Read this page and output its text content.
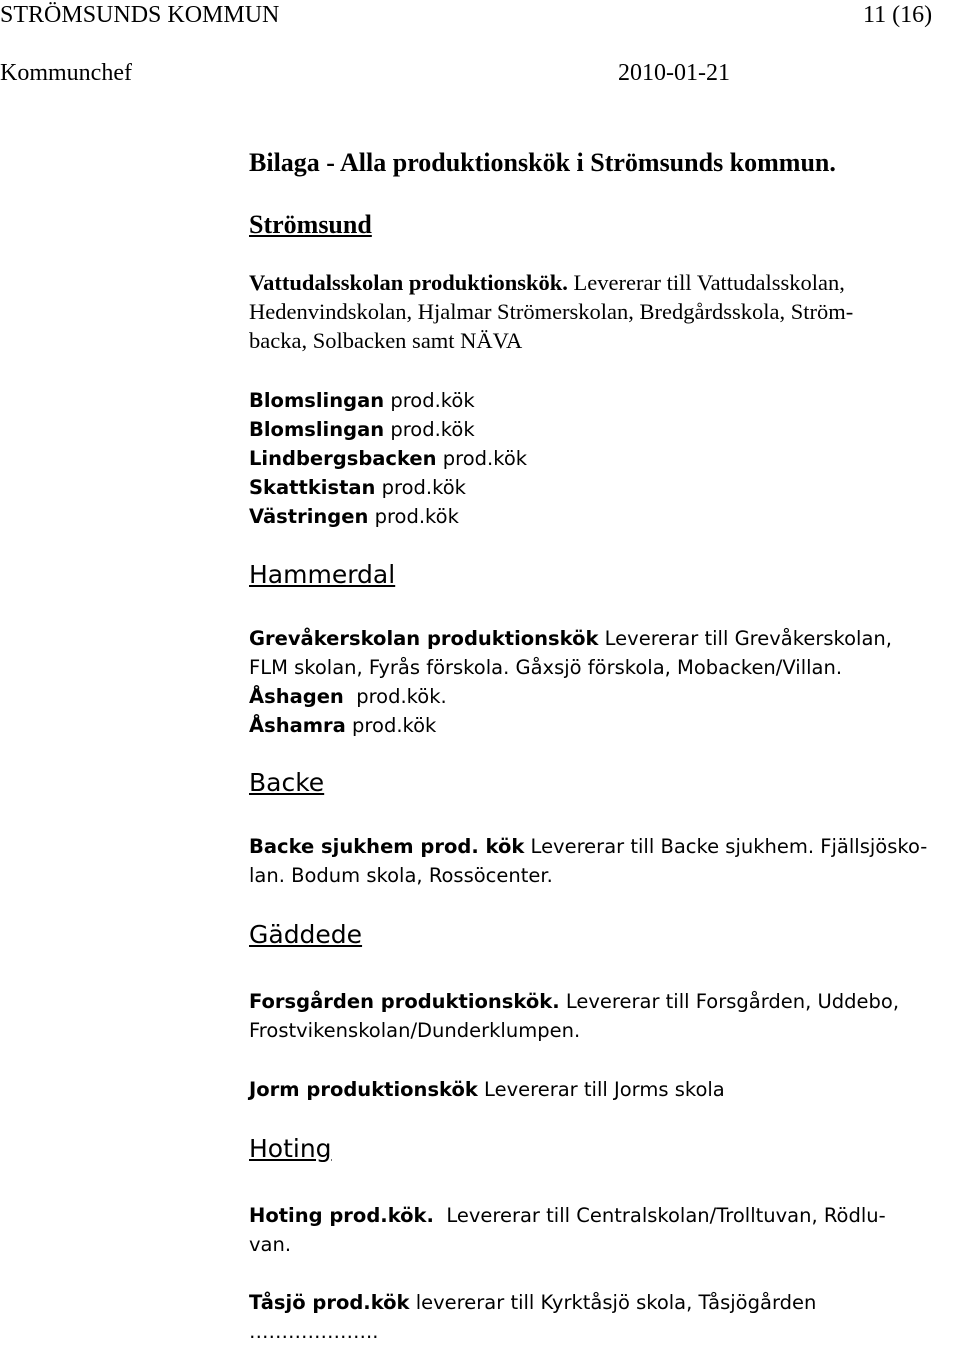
STRÖMSUNDS KOMMUN	11 (16)
Kommunchef	2010-01-21
Bilaga - Alla produktionskök i Strömsunds kommun.
Strömsund
Vattudalsskolan produktionskök. Levererar till Vattudalsskolan,
Hedenvindskolan, Hjalmar Strömerskolan, Bredgårdsskola, Ström-
backa, Solbacken samt NÄVA
Blomslingan prod.kök
Blomslingan prod.kök
Lindbergsbacken prod.kök
Skattkistan prod.kök
Västringen prod.kök
Hammerdal
Grevåkerskolan produktionskök Levererar till Grevåkerskolan,
FLM skolan, Fyrås förskola. Gåxsjö förskola, Mobacken/Villan.
Åshagen  prod.kök.
Åshamra prod.kök
Backe
Backe sjukhem prod. kök Levererar till Backe sjukhem. Fjällsjösko-
lan. Bodum skola, Rossöcenter.
Gäddede
Forsgården produktionskök. Levererar till Forsgården, Uddebo,
Frostvikenskolan/Dunderklumpen.
Jorm produktionskök Levererar till Jorms skola
Hoting
Hoting prod.kök.  Levererar till Centralskolan/Trolltuvan, Rödlu-
van.
Tåsjö prod.kök levererar till Kyrktåsjö skola, Tåsjögården
………………..
